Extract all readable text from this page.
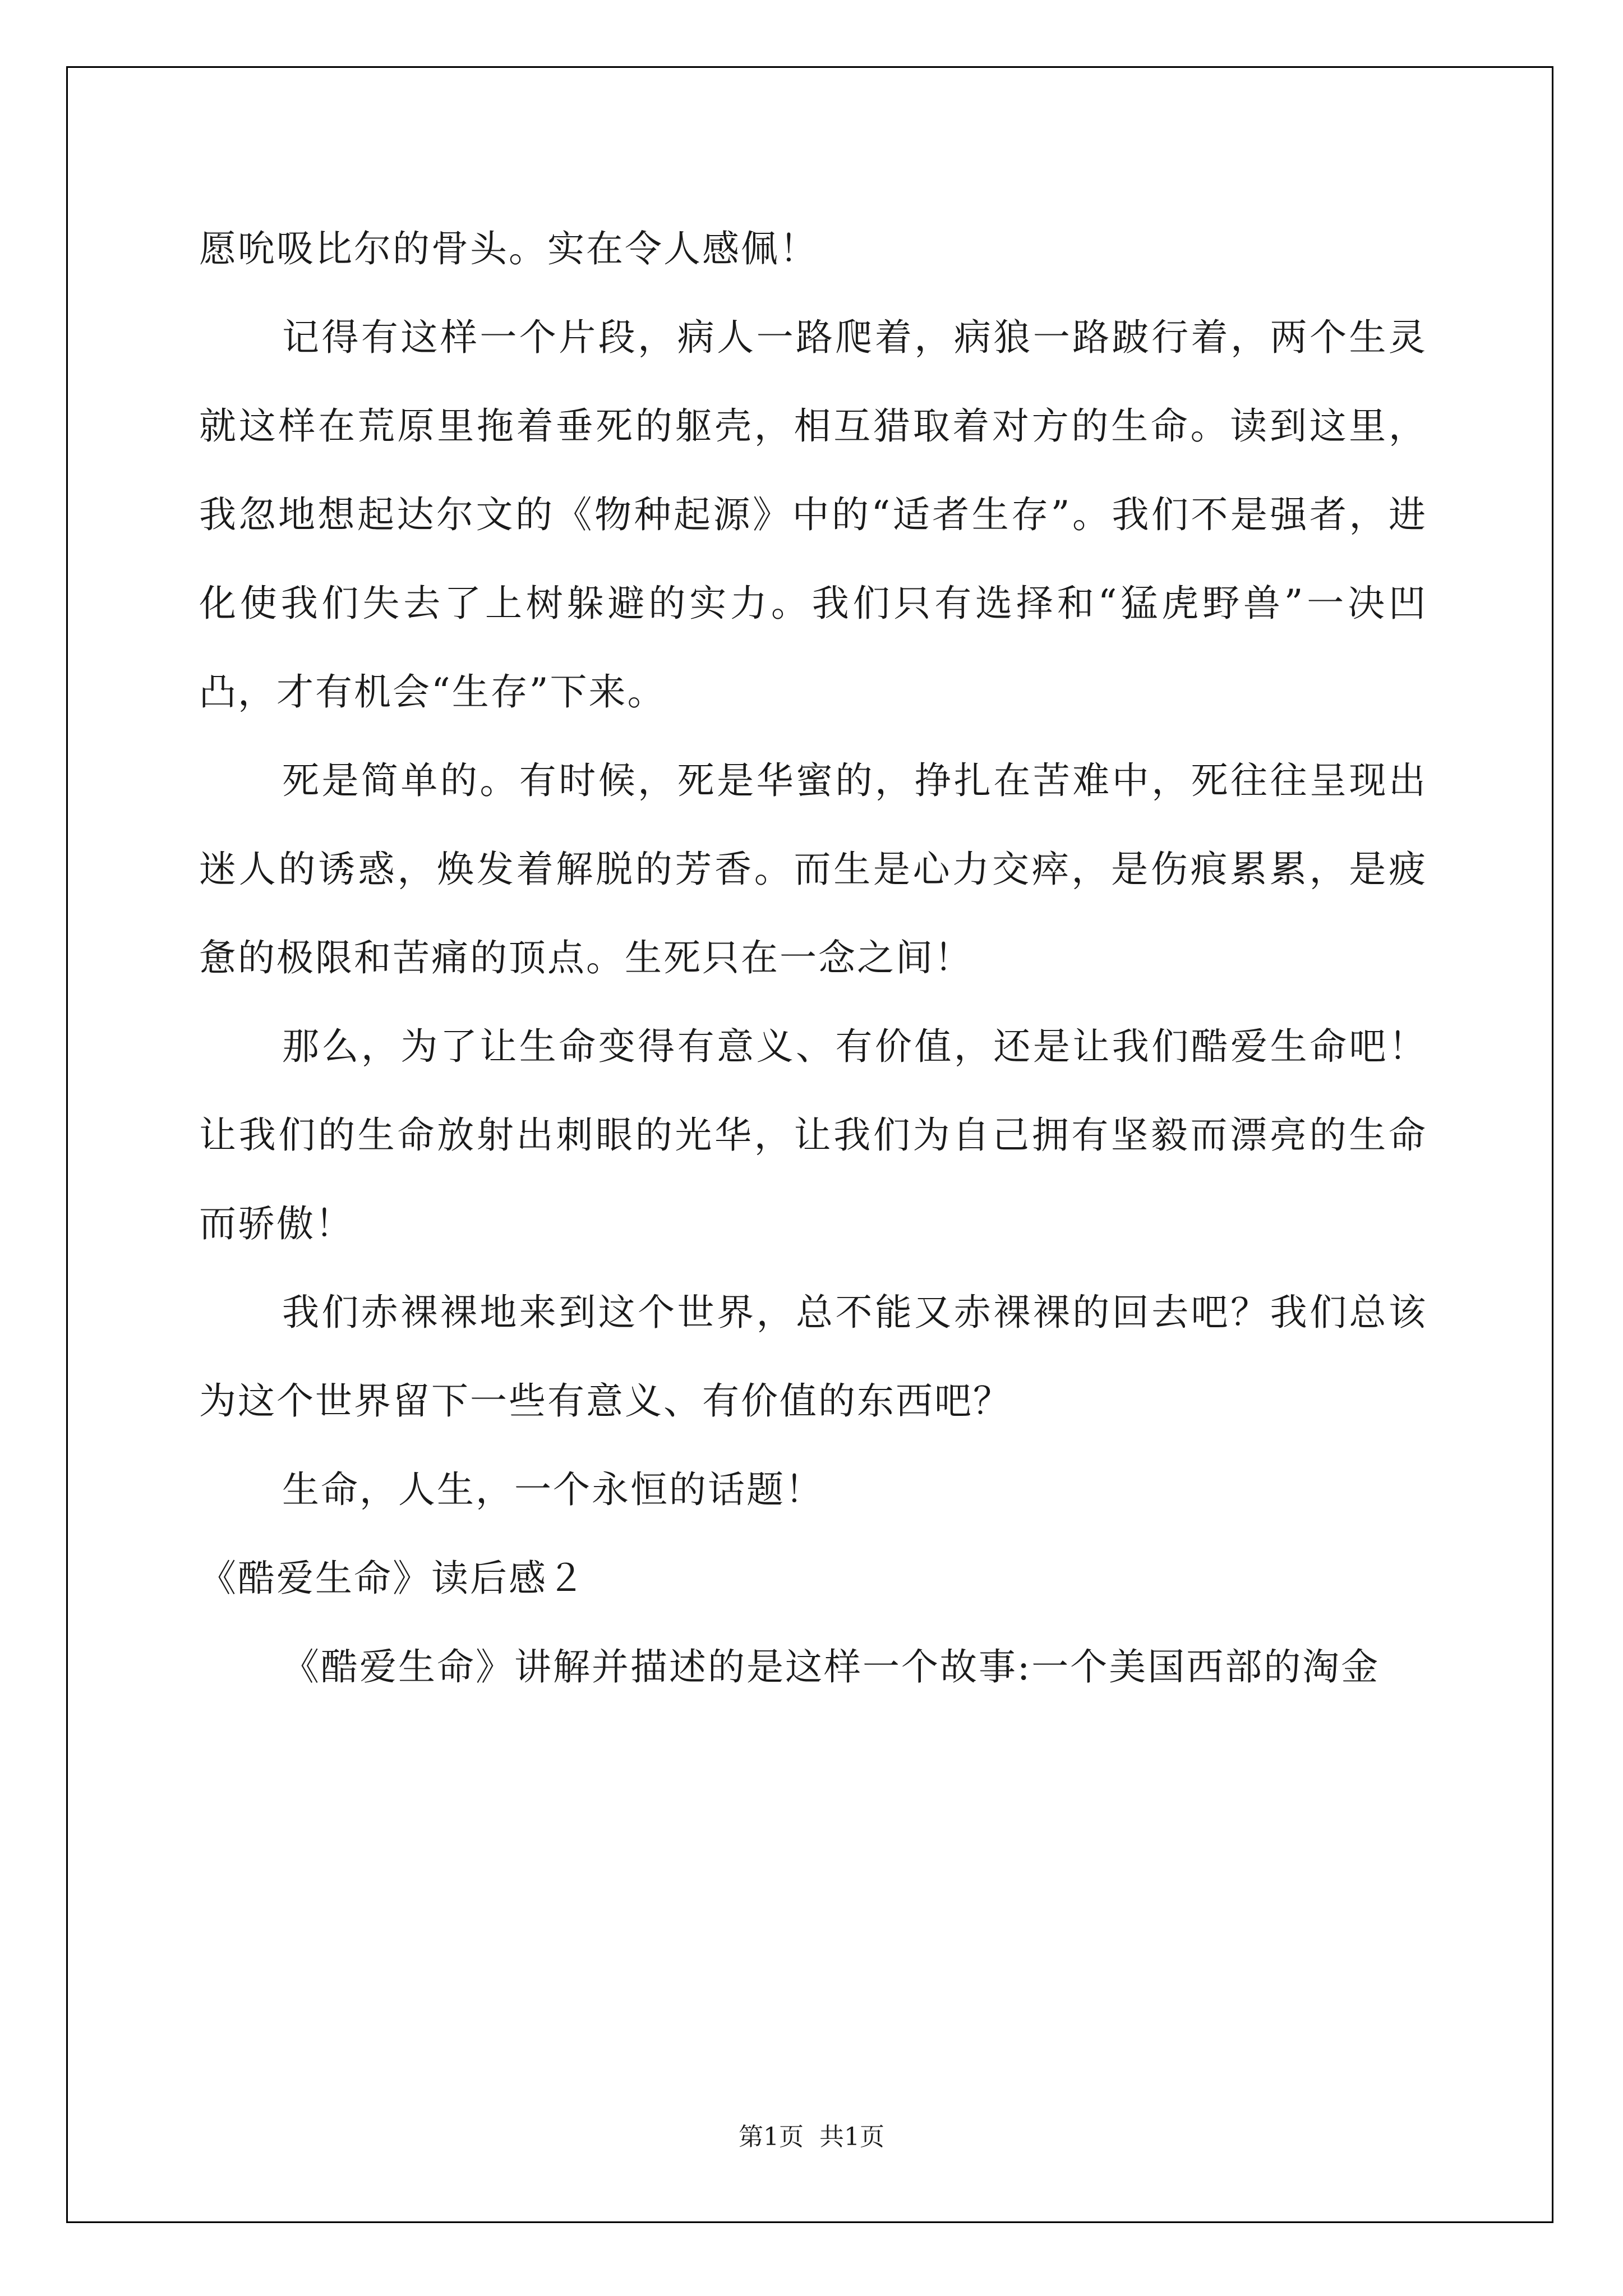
愿吮吸比尔的骨头。实在令人感佩！

记得有这样一个片段，病人一路爬着，病狼一路跛行着，两个生灵就这样在荒原里拖着垂死的躯壳，相互猎取着对方的生命。读到这里，我忽地想起达尔文的《物种起源》中的“适者生存”。我们不是强者，进化使我们失去了上树躲避的实力。我们只有选择和“猛虎野兽”一决凹凸，才有机会“生存”下来。

死是简单的。有时候，死是华蜜的，挣扎在苦难中，死往往呈现出迷人的诱惑，焕发着解脱的芳香。而生是心力交瘁，是伤痕累累，是疲惫的极限和苦痛的顶点。生死只在一念之间！

那么，为了让生命变得有意义、有价值，还是让我们酷爱生命吧！让我们的生命放射出刺眼的光华，让我们为自己拥有坚毅而漂亮的生命而骄傲！

我们赤裸裸地来到这个世界，总不能又赤裸裸的回去吧？我们总该为这个世界留下一些有意义、有价值的东西吧？

生命，人生，一个永恒的话题！

《酷爱生命》读后感２

《酷爱生命》讲解并描述的是这样一个故事:一个美国西部的淘金

第1页  共1页
